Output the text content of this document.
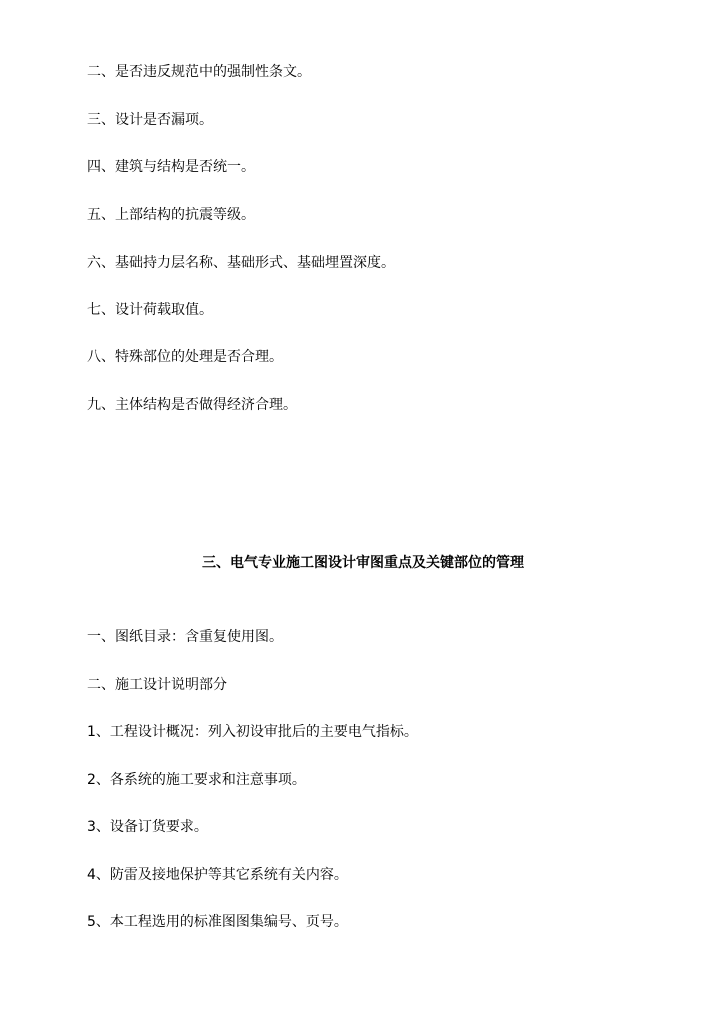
二、是否违反规范中的强制性条文。
三、设计是否漏项。
四、建筑与结构是否统一。
五、上部结构的抗震等级。
六、基础持力层名称、基础形式、基础埋置深度。
七、设计荷载取值。
八、特殊部位的处理是否合理。
九、主体结构是否做得经济合理。
三、电气专业施工图设计审图重点及关键部位的管理
一、图纸目录：含重复使用图。
二、施工设计说明部分
1、工程设计概况：列入初设审批后的主要电气指标。
2、各系统的施工要求和注意事项。
3、设备订货要求。
4、防雷及接地保护等其它系统有关内容。
5、本工程选用的标准图图集编号、页号。
